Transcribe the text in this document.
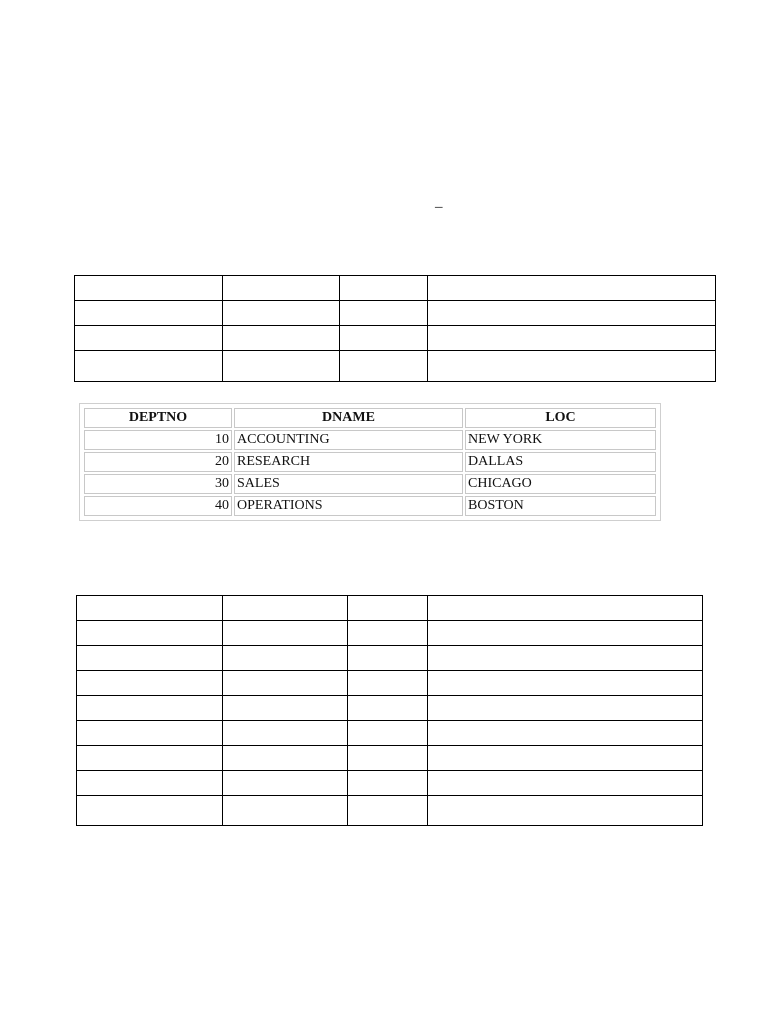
–

DEPTNO	DNAME	LOC
10	ACCOUNTING	NEW YORK
20	RESEARCH	DALLAS
30	SALES	CHICAGO
40	OPERATIONS	BOSTON
